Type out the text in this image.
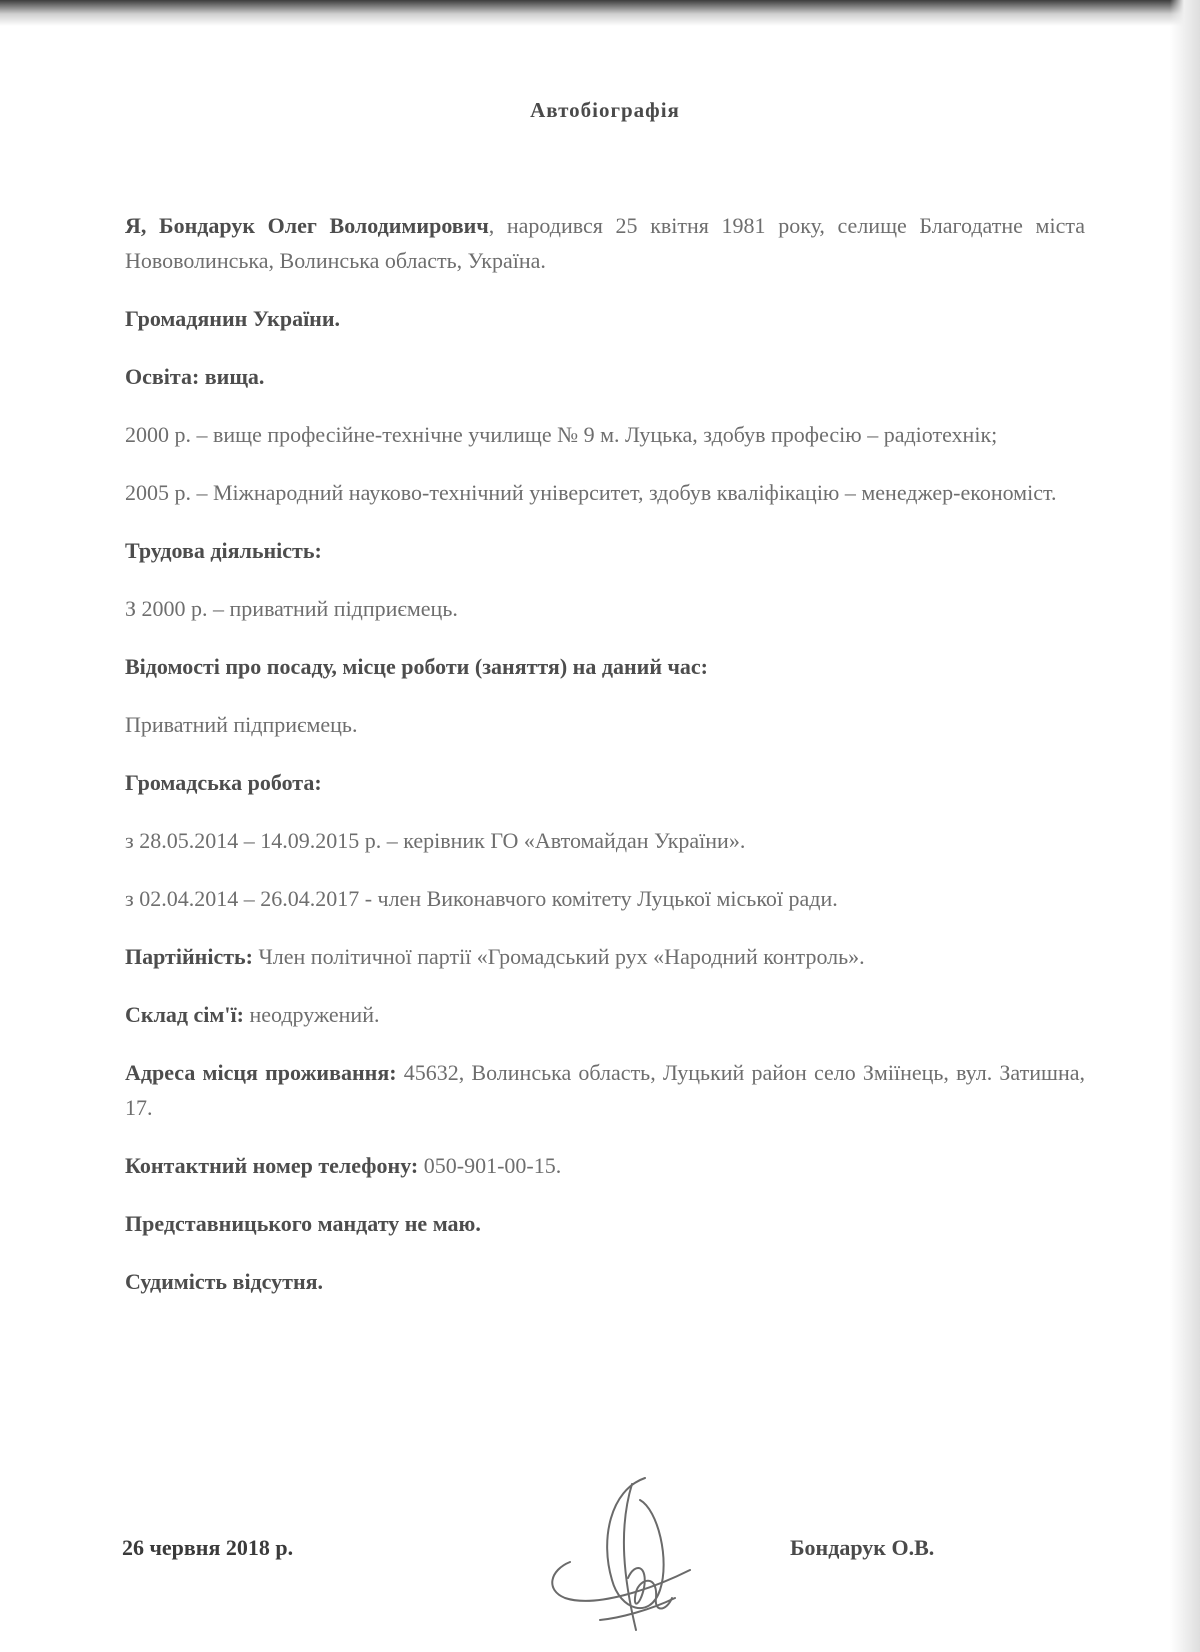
Автобіографія

Я, Бондарук Олег Володимирович, народився 25 квітня 1981 року, селище Благодатне міста Нововолинська, Волинська область, Україна.

Громадянин України.

Освіта: вища.

2000 р. – вище професійне-технічне училище № 9 м. Луцька, здобув професію – радіотехнік;

2005 р. – Міжнародний науково-технічний університет, здобув кваліфікацію – менеджер-економіст.

Трудова діяльність:

З 2000 р. – приватний підприємець.

Відомості про посаду, місце роботи (заняття) на даний час:

Приватний підприємець.

Громадська робота:

з 28.05.2014 – 14.09.2015 р. – керівник ГО «Автомайдан України».

з 02.04.2014 – 26.04.2017 - член Виконавчого комітету Луцької міської ради.

Партійність: Член політичної партії «Громадський рух «Народний контроль».

Склад сім'ї: неодружений.

Адреса місця проживання: 45632, Волинська область, Луцький район село Зміїнець, вул. Затишна, 17.

Контактний номер телефону: 050-901-00-15.

Представницького мандату не маю.

Судимість відсутня.

26 червня 2018 р.	Бондарук О.В.
